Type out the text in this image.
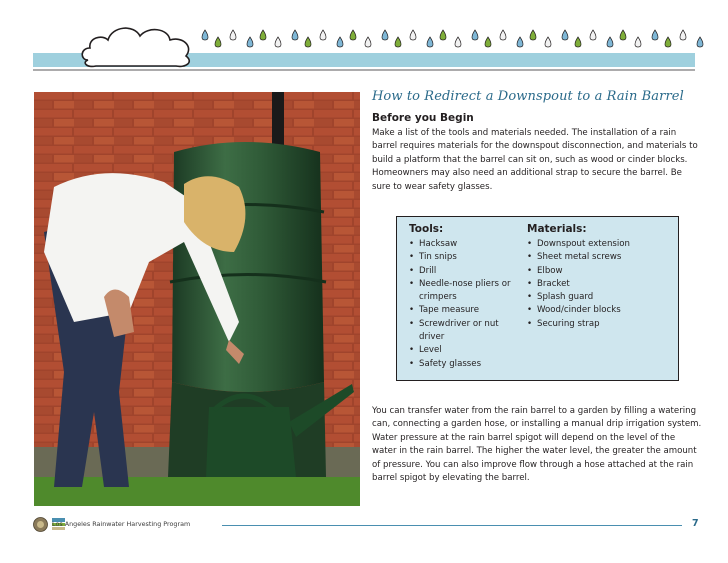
How to Redirect a Downspout to a Rain Barrel
Before you Begin
Make a list of the tools and materials needed. The installation of a rain barrel requires materials for the downspout disconnection, and materials to build a platform that the barrel can sit on, such as wood or cinder blocks. Homeowners may also need an additional strap to secure the barrel. Be sure to wear safety glasses.
Tools:
• Hacksaw
• Tin snips
• Drill
• Needle-nose pliers or crimpers
• Tape measure
• Screwdriver or nut driver
• Level
• Safety glasses
Materials:
• Downspout extension
• Sheet metal screws
• Elbow
• Bracket
• Splash guard
• Wood/cinder blocks
• Securing strap
You can transfer water from the rain barrel to a garden by filling a watering can, connecting a garden hose, or installing a manual drip irrigation system. Water pressure at the rain barrel spigot will depend on the level of the water in the rain barrel. The higher the water level, the greater the amount of pressure. You can also improve flow through a hose attached at the rain barrel spigot by elevating the barrel.
Los Angeles Rainwater Harvesting Program	7
